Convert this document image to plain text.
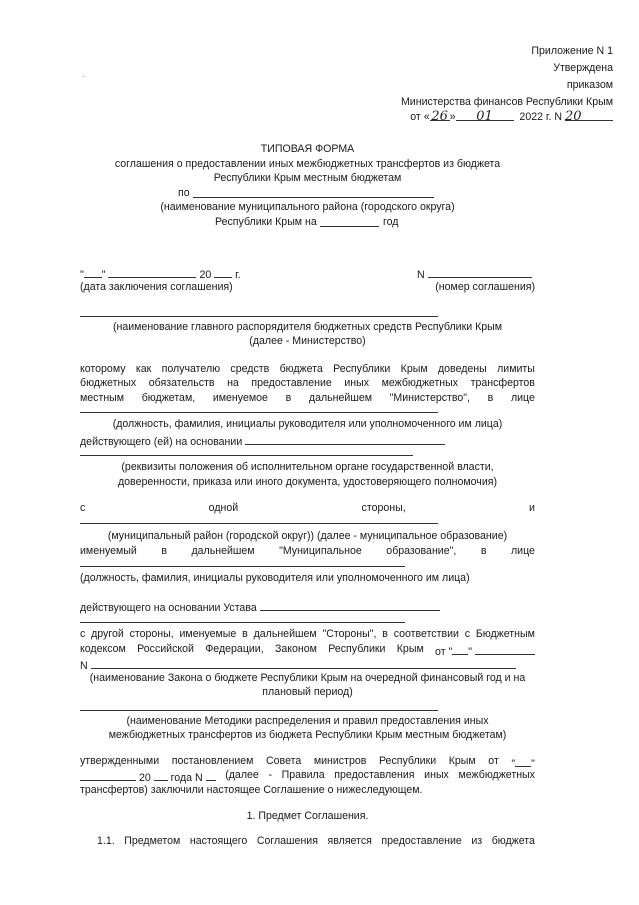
·
Приложение N 1
Утверждена
приказом
Министерства финансов Республики Крым
от « 26 » 01	2022 г. N 20
ТИПОВАЯ ФОРМА
соглашения о предоставлении иных межбюджетных трансфертов из бюджета
Республики Крым местным бюджетам
по
(наименование муниципального района (городского округа)
Республики Крым на	год
" "	20 г.	N
(дата заключения соглашения)	(номер соглашения)
(наименование главного распорядителя бюджетных средств Республики Крым
(далее - Министерство)
которому как получателю средств бюджета Республики Крым доведены лимиты
бюджетных обязательств на предоставление иных межбюджетных трансфертов
местным бюджетам, именуемое в дальнейшем "Министерство", в лице
(должность, фамилия, инициалы руководителя или уполномоченного им лица)
действующего (ей) на основании
(реквизиты положения об исполнительном органе государственной власти,
доверенности, приказа или иного документа, удостоверяющего полномочия)
с	одной	стороны,	и
(муниципальный район (городской округ)) (далее - муниципальное образование)
именуемый в дальнейшем "Муниципальное образование", в лице
(должность, фамилия, инициалы руководителя или уполномоченного им лица)
действующего на основании Устава
с другой стороны, именуемые в дальнейшем "Стороны", в соответствии с Бюджетным
кодексом Российской Федерации, Законом Республики Крым от " "
N
(наименование Закона о бюджете Республики Крым на очередной финансовый год и на
плановый период)
(наименование Методики распределения и правил предоставления иных
межбюджетных трансфертов из бюджета Республики Крым местным бюджетам)
утвержденными постановлением Совета министров Республики Крым от " "
20 года N	(далее - Правила предоставления иных межбюджетных
трансфертов) заключили настоящее Соглашение о нижеследующем.
1. Предмет Соглашения.
1.1. Предметом настоящего Соглашения является предоставление из бюджета
